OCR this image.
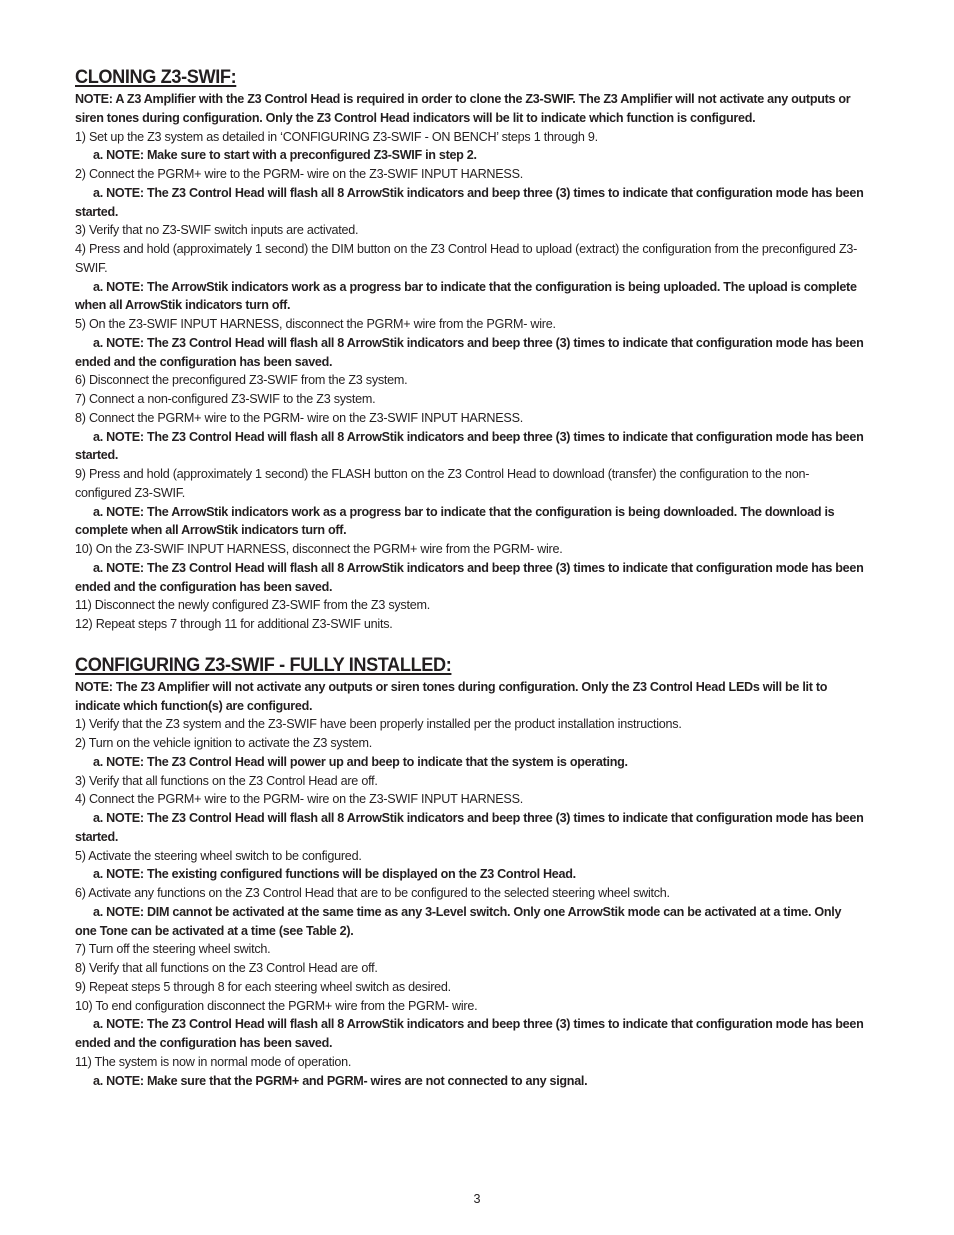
CLONING Z3-SWIF:

NOTE: A Z3 Amplifier with the Z3 Control Head is required in order to clone the Z3-SWIF. The Z3 Amplifier will not activate any outputs or siren tones during configuration. Only the Z3 Control Head indicators will be lit to indicate which function is configured.

1) Set up the Z3 system as detailed in ‘CONFIGURING Z3-SWIF - ON BENCH’ steps 1 through 9.

a. NOTE: Make sure to start with a preconfigured Z3-SWIF in step 2.

2) Connect the PGRM+ wire to the PGRM- wire on the Z3-SWIF INPUT HARNESS.

a. NOTE: The Z3 Control Head will flash all 8 ArrowStik indicators and beep three (3) times to indicate that configuration mode has been started.

3) Verify that no Z3-SWIF switch inputs are activated.

4) Press and hold (approximately 1 second) the DIM button on the Z3 Control Head to upload (extract) the configuration from the preconfigured Z3-SWIF.

a. NOTE: The ArrowStik indicators work as a progress bar to indicate that the configuration is being uploaded. The upload is complete when all ArrowStik indicators turn off.

5) On the Z3-SWIF INPUT HARNESS, disconnect the PGRM+ wire from the PGRM- wire.

a. NOTE: The Z3 Control Head will flash all 8 ArrowStik indicators and beep three (3) times to indicate that configuration mode has been ended and the configuration has been saved.

6) Disconnect the preconfigured Z3-SWIF from the Z3 system.

7) Connect a non-configured Z3-SWIF to the Z3 system.

8) Connect the PGRM+ wire to the PGRM- wire on the Z3-SWIF INPUT HARNESS.

a. NOTE: The Z3 Control Head will flash all 8 ArrowStik indicators and beep three (3) times to indicate that configuration mode has been started.

9) Press and hold (approximately 1 second) the FLASH button on the Z3 Control Head to download (transfer) the configuration to the non-configured Z3-SWIF.

a. NOTE: The ArrowStik indicators work as a progress bar to indicate that the configuration is being downloaded. The download is complete when all ArrowStik indicators turn off.

10) On the Z3-SWIF INPUT HARNESS, disconnect the PGRM+ wire from the PGRM- wire.

a. NOTE: The Z3 Control Head will flash all 8 ArrowStik indicators and beep three (3) times to indicate that configuration mode has been ended and the configuration has been saved.

11) Disconnect the newly configured Z3-SWIF from the Z3 system.

12) Repeat steps 7 through 11 for additional Z3-SWIF units.

CONFIGURING Z3-SWIF - FULLY INSTALLED:

NOTE: The Z3 Amplifier will not activate any outputs or siren tones during configuration. Only the Z3 Control Head LEDs will be lit to indicate which function(s) are configured.

1) Verify that the Z3 system and the Z3-SWIF have been properly installed per the product installation instructions.

2) Turn on the vehicle ignition to activate the Z3 system.

a. NOTE: The Z3 Control Head will power up and beep to indicate that the system is operating.

3) Verify that all functions on the Z3 Control Head are off.

4) Connect the PGRM+ wire to the PGRM- wire on the Z3-SWIF INPUT HARNESS.

a. NOTE: The Z3 Control Head will flash all 8 ArrowStik indicators and beep three (3) times to indicate that configuration mode has been started.

5) Activate the steering wheel switch to be configured.

a. NOTE: The existing configured functions will be displayed on the Z3 Control Head.

6) Activate any functions on the Z3 Control Head that are to be configured to the selected steering wheel switch.

a. NOTE: DIM cannot be activated at the same time as any 3-Level switch. Only one ArrowStik mode can be activated at a time. Only one Tone can be activated at a time (see Table 2).

7) Turn off the steering wheel switch.

8) Verify that all functions on the Z3 Control Head are off.

9) Repeat steps 5 through 8 for each steering wheel switch as desired.

10) To end configuration disconnect the PGRM+ wire from the PGRM- wire.

a. NOTE: The Z3 Control Head will flash all 8 ArrowStik indicators and beep three (3) times to indicate that configuration mode has been ended and the configuration has been saved.

11) The system is now in normal mode of operation.

a. NOTE: Make sure that the PGRM+ and PGRM- wires are not connected to any signal.

3
